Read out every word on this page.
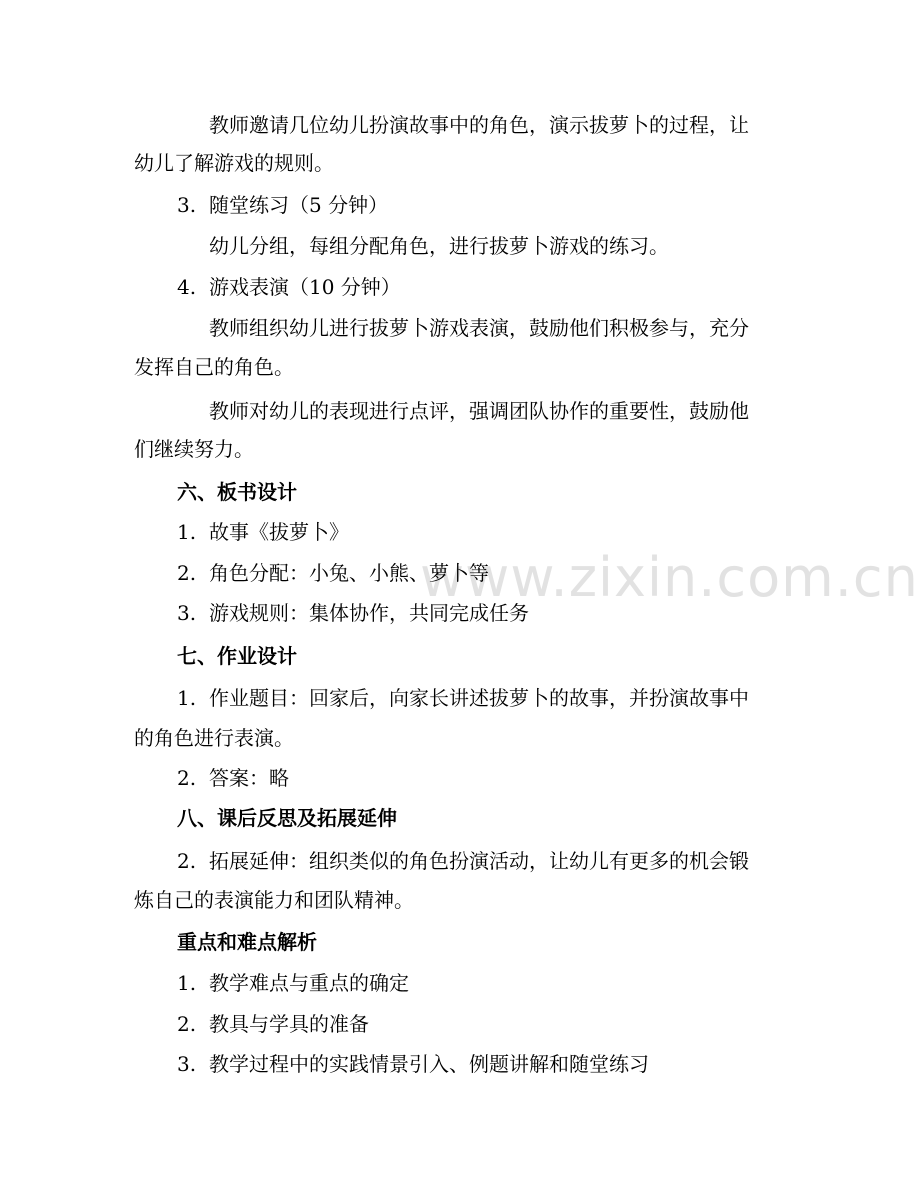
www.zixin.com.cn
教师邀请几位幼儿扮演故事中的角色，演示拔萝卜的过程，让
幼儿了解游戏的规则。
3. 随堂练习（5 分钟）
幼儿分组，每组分配角色，进行拔萝卜游戏的练习。
4. 游戏表演（10 分钟）
教师组织幼儿进行拔萝卜游戏表演，鼓励他们积极参与，充分
发挥自己的角色。
教师对幼儿的表现进行点评，强调团队协作的重要性，鼓励他
们继续努力。
六、板书设计
1. 故事《拔萝卜》
2. 角色分配：小兔、小熊、萝卜等
3. 游戏规则：集体协作，共同完成任务
七、作业设计
1. 作业题目：回家后，向家长讲述拔萝卜的故事，并扮演故事中
的角色进行表演。
2. 答案：略
八、课后反思及拓展延伸
2. 拓展延伸：组织类似的角色扮演活动，让幼儿有更多的机会锻
炼自己的表演能力和团队精神。
重点和难点解析
1. 教学难点与重点的确定
2. 教具与学具的准备
3. 教学过程中的实践情景引入、例题讲解和随堂练习
